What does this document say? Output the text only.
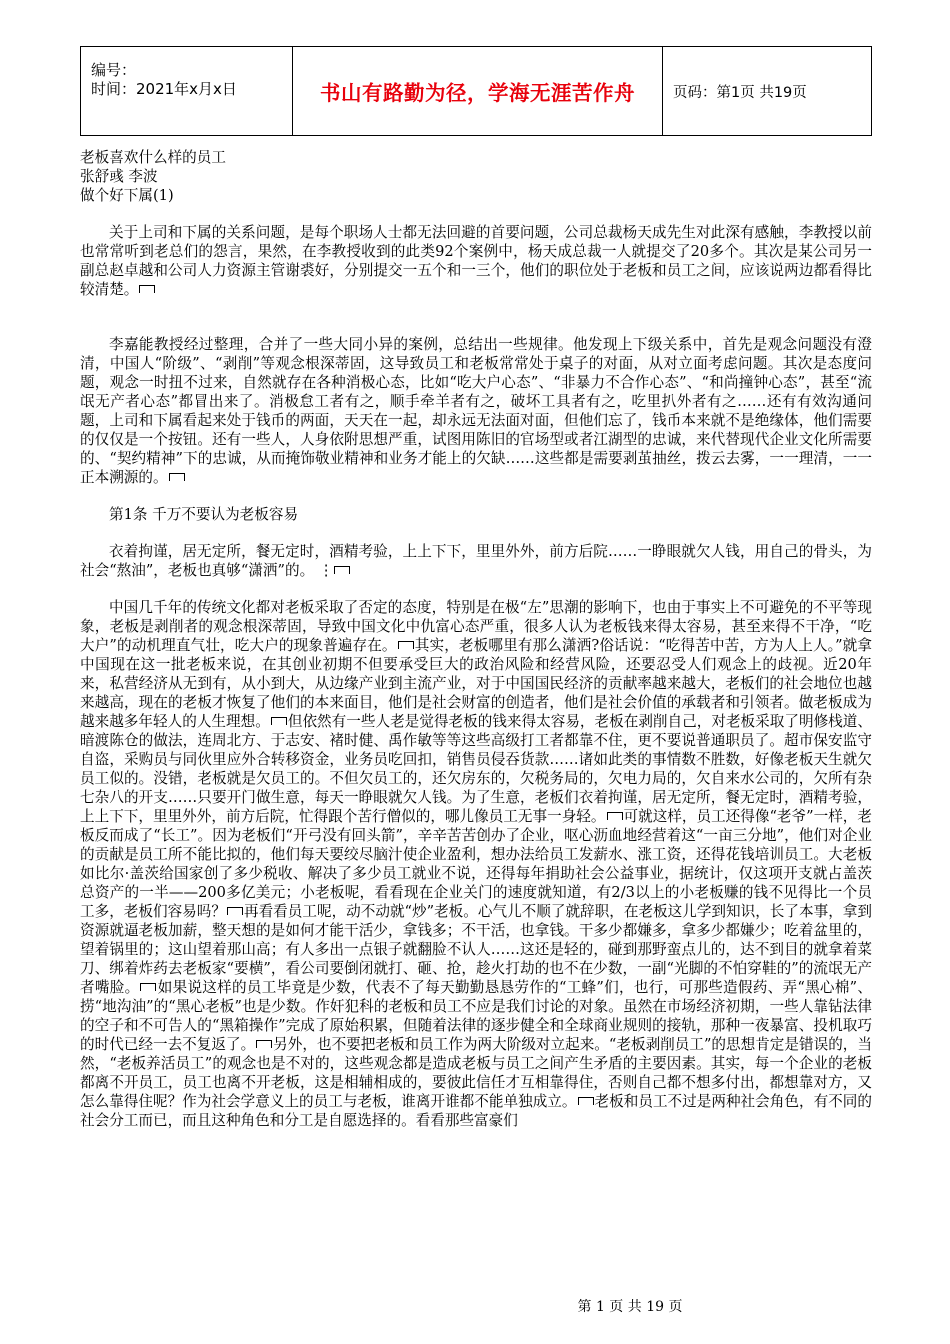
编号：
时间：2021年x月x日	书山有路勤为径，学海无涯苦作舟	页码：第1页 共19页

老板喜欢什么样的员工

张舒彧 李波

做个好下属(1)

关于上司和下属的关系问题，是每个职场人士都无法回避的首要问题，公司总裁杨天成先生对此深有感触，李教授以前也常常听到老总们的怨言，果然，在李教授收到的此类92个案例中，杨天成总裁一人就提交了20多个。其次是某公司另一副总赵卓越和公司人力资源主管谢裘好，分别提交一五个和一三个，他们的职位处于老板和员工之间，应该说两边都看得比较清楚。

李嘉能教授经过整理，合并了一些大同小异的案例，总结出一些规律。他发现上下级关系中，首先是观念问题没有澄清，中国人“阶级”、“剥削”等观念根深蒂固，这导致员工和老板常常处于桌子的对面，从对立面考虑问题。其次是态度问题，观念一时扭不过来，自然就存在各种消极心态，比如“吃大户心态”、“非暴力不合作心态”、“和尚撞钟心态”，甚至“流氓无产者心态”都冒出来了。消极怠工者有之，顺手牵羊者有之，破坏工具者有之，吃里扒外者有之……还有有效沟通问题，上司和下属看起来处于钱币的两面，天天在一起，却永远无法面对面，但他们忘了，钱币本来就不是绝缘体，他们需要的仅仅是一个按钮。还有一些人，人身依附思想严重，试图用陈旧的官场型或者江湖型的忠诚，来代替现代企业文化所需要的、“契约精神”下的忠诚，从而掩饰敬业精神和业务才能上的欠缺……这些都是需要剥茧抽丝，拨云去雾，一一理清，一一正本溯源的。

第1条 千万不要认为老板容易

衣着拘谨，居无定所，餐无定时，酒精考验，上上下下，里里外外，前方后院……一睁眼就欠人钱，用自己的骨头，为社会“熬油”，老板也真够“潇洒”的。 ⋮

中国几千年的传统文化都对老板采取了否定的态度，特别是在极“左”思潮的影响下，也由于事实上不可避免的不平等现象，老板是剥削者的观念根深蒂固，导致中国文化中仇富心态严重，很多人认为老板钱来得太容易，甚至来得不干净，“吃大户”的动机理直气壮，吃大户的现象普遍存在。 其实，老板哪里有那么潇洒?俗话说：“吃得苦中苦，方为人上人。”就拿中国现在这一批老板来说，在其创业初期不但要承受巨大的政治风险和经营风险，还要忍受人们观念上的歧视。近20年来，私营经济从无到有，从小到大，从边缘产业到主流产业，对于中国国民经济的贡献率越来越大，老板们的社会地位也越来越高，现在的老板才恢复了他们的本来面目，他们是社会财富的创造者，他们是社会价值的承载者和引领者。做老板成为越来越多年轻人的人生理想。 但依然有一些人老是觉得老板的钱来得太容易，老板在剥削自己，对老板采取了明修栈道、暗渡陈仓的做法，连周北方、于志安、褚时健、禹作敏等等这些高级打工者都靠不住，更不要说普通职员了。超市保安监守自盗，采购员与同伙里应外合转移资金，业务员吃回扣，销售员侵吞货款……诸如此类的事情数不胜数，好像老板天生就欠员工似的。没错，老板就是欠员工的。不但欠员工的，还欠房东的，欠税务局的，欠电力局的，欠自来水公司的，欠所有杂七杂八的开支……只要开门做生意，每天一睁眼就欠人钱。为了生意，老板们衣着拘谨，居无定所，餐无定时，酒精考验，上上下下，里里外外，前方后院，忙得跟个苦行僧似的，哪儿像员工无事一身轻。 可就这样，员工还得像“老爷”一样，老板反而成了“长工”。因为老板们“开弓没有回头箭”，辛辛苦苦创办了企业，呕心沥血地经营着这“一亩三分地”，他们对企业的贡献是员工所不能比拟的，他们每天要绞尽脑汁使企业盈利，想办法给员工发薪水、涨工资，还得花钱培训员工。大老板如比尔·盖茨给国家创了多少税收、解决了多少员工就业不说，还得每年捐助社会公益事业，据统计，仅这项开支就占盖茨总资产的一半——200多亿美元；小老板呢，看看现在企业关门的速度就知道，有2/3以上的小老板赚的钱不见得比一个员工多，老板们容易吗？ 再看看员工呢，动不动就“炒”老板。心气儿不顺了就辞职，在老板这儿学到知识，长了本事，拿到资源就逼老板加薪，整天想的是如何才能干活少，拿钱多；不干活，也拿钱。干多少都嫌多，拿多少都嫌少；吃着盆里的，望着锅里的；这山望着那山高；有人多出一点银子就翻脸不认人……这还是轻的，碰到那野蛮点儿的，达不到目的就拿着菜刀、绑着炸药去老板家“要横”，看公司要倒闭就打、砸、抢，趁火打劫的也不在少数，一副“光脚的不怕穿鞋的”的流氓无产者嘴脸。 如果说这样的员工毕竟是少数，代表不了每天勤勤恳恳劳作的“工蜂”们，也行，可那些造假药、弄“黑心棉”、捞“地沟油”的“黑心老板”也是少数。作奸犯科的老板和员工不应是我们讨论的对象。虽然在市场经济初期，一些人靠钻法律的空子和不可告人的“黑箱操作”完成了原始积累，但随着法律的逐步健全和全球商业规则的接轨，那种一夜暴富、投机取巧的时代已经一去不复返了。 另外，也不要把老板和员工作为两大阶级对立起来。“老板剥削员工”的思想肯定是错误的，当然，“老板养活员工”的观念也是不对的，这些观念都是造成老板与员工之间产生矛盾的主要因素。其实，每一个企业的老板都离不开员工，员工也离不开老板，这是相辅相成的，要彼此信任才互相靠得住，否则自己都不想多付出，都想靠对方，又怎么靠得住呢？作为社会学意义上的员工与老板，谁离开谁都不能单独成立。 老板和员工不过是两种社会角色，有不同的社会分工而已，而且这种角色和分工是自愿选择的。看看那些富豪们

第 1 页 共 19 页
